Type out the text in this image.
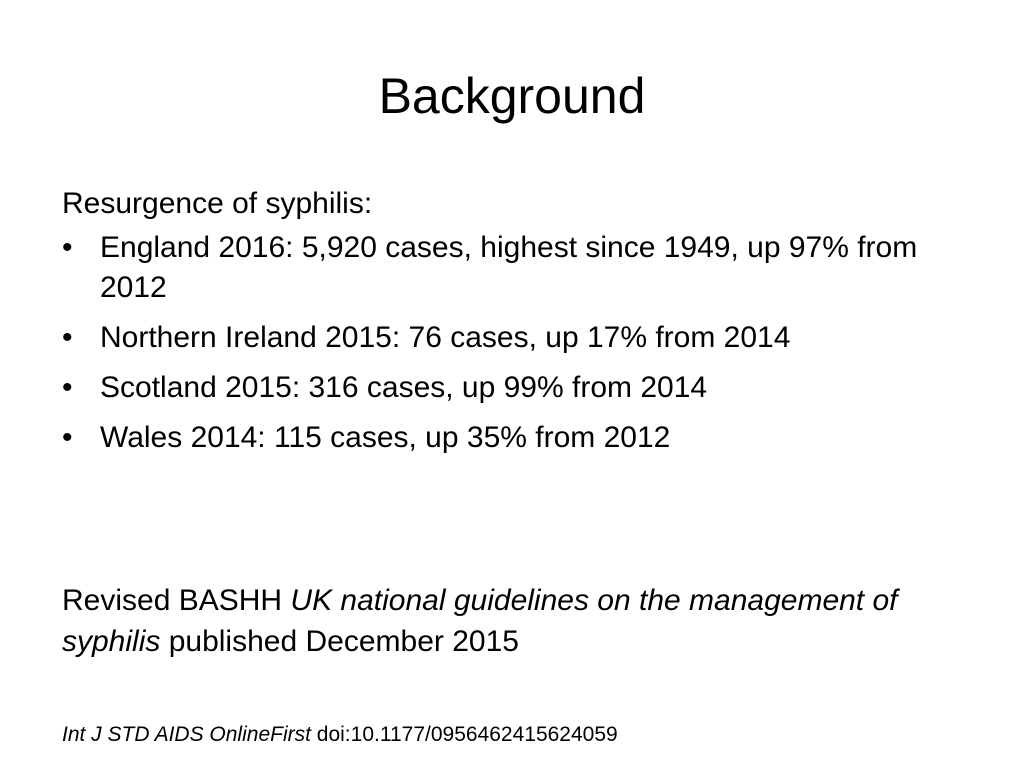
Background

Resurgence of syphilis:

• England 2016: 5,920 cases, highest since 1949, up 97% from 2012
• Northern Ireland 2015: 76 cases, up 17% from 2014
• Scotland 2015: 316 cases, up 99% from 2014
• Wales 2014: 115 cases, up 35% from 2012
Revised BASHH UK national guidelines on the management of syphilis published December 2015
Int J STD AIDS OnlineFirst doi:10.1177/0956462415624059
